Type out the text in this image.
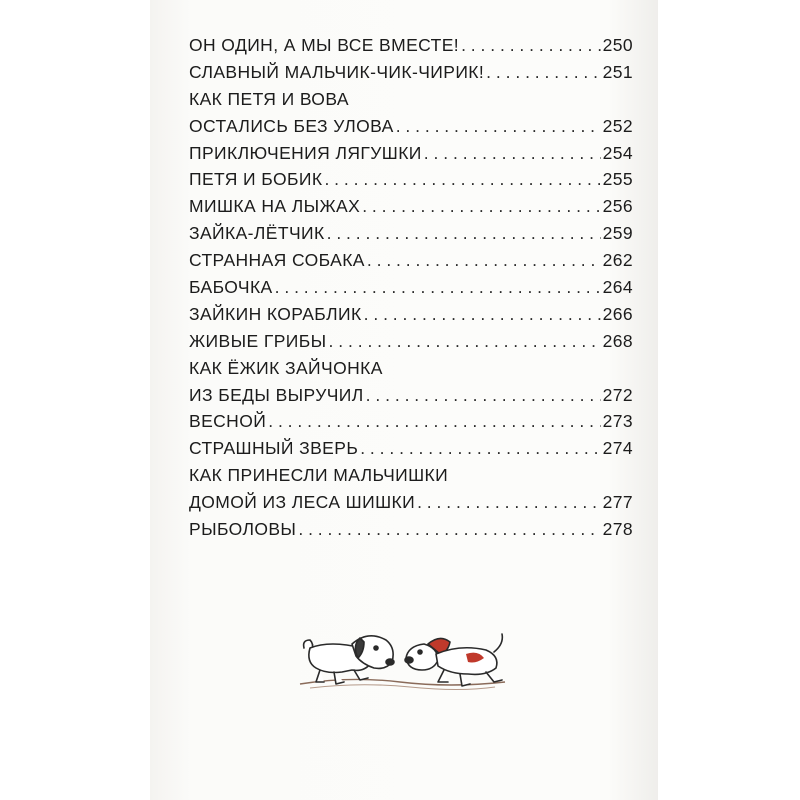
ОН ОДИН, А МЫ ВСЕ ВМЕСТЕ! . . .	250
СЛАВНЫЙ МАЛЬЧИК-ЧИК-ЧИРИК! . . .	251
КАК ПЕТЯ И ВОВА
ОСТАЛИСЬ БЕЗ УЛОВА . . .	252
ПРИКЛЮЧЕНИЯ ЛЯГУШКИ . . .	254
ПЕТЯ И БОБИК . . .	255
МИШКА НА ЛЫЖАХ . . .	256
ЗАЙКА-ЛЁТЧИК . . .	259
СТРАННАЯ СОБАКА . . .	262
БАБОЧКА . . .	264
ЗАЙКИН КОРАБЛИК . . .	266
ЖИВЫЕ ГРИБЫ . . .	268
КАК ЁЖИК ЗАЙЧОНКА
ИЗ БЕДЫ ВЫРУЧИЛ . . .	272
ВЕСНОЙ . . .	273
СТРАШНЫЙ ЗВЕРЬ . . .	274
КАК ПРИНЕСЛИ МАЛЬЧИШКИ
ДОМОЙ ИЗ ЛЕСА ШИШКИ . . .	277
РЫБОЛОВЫ . . .	278
